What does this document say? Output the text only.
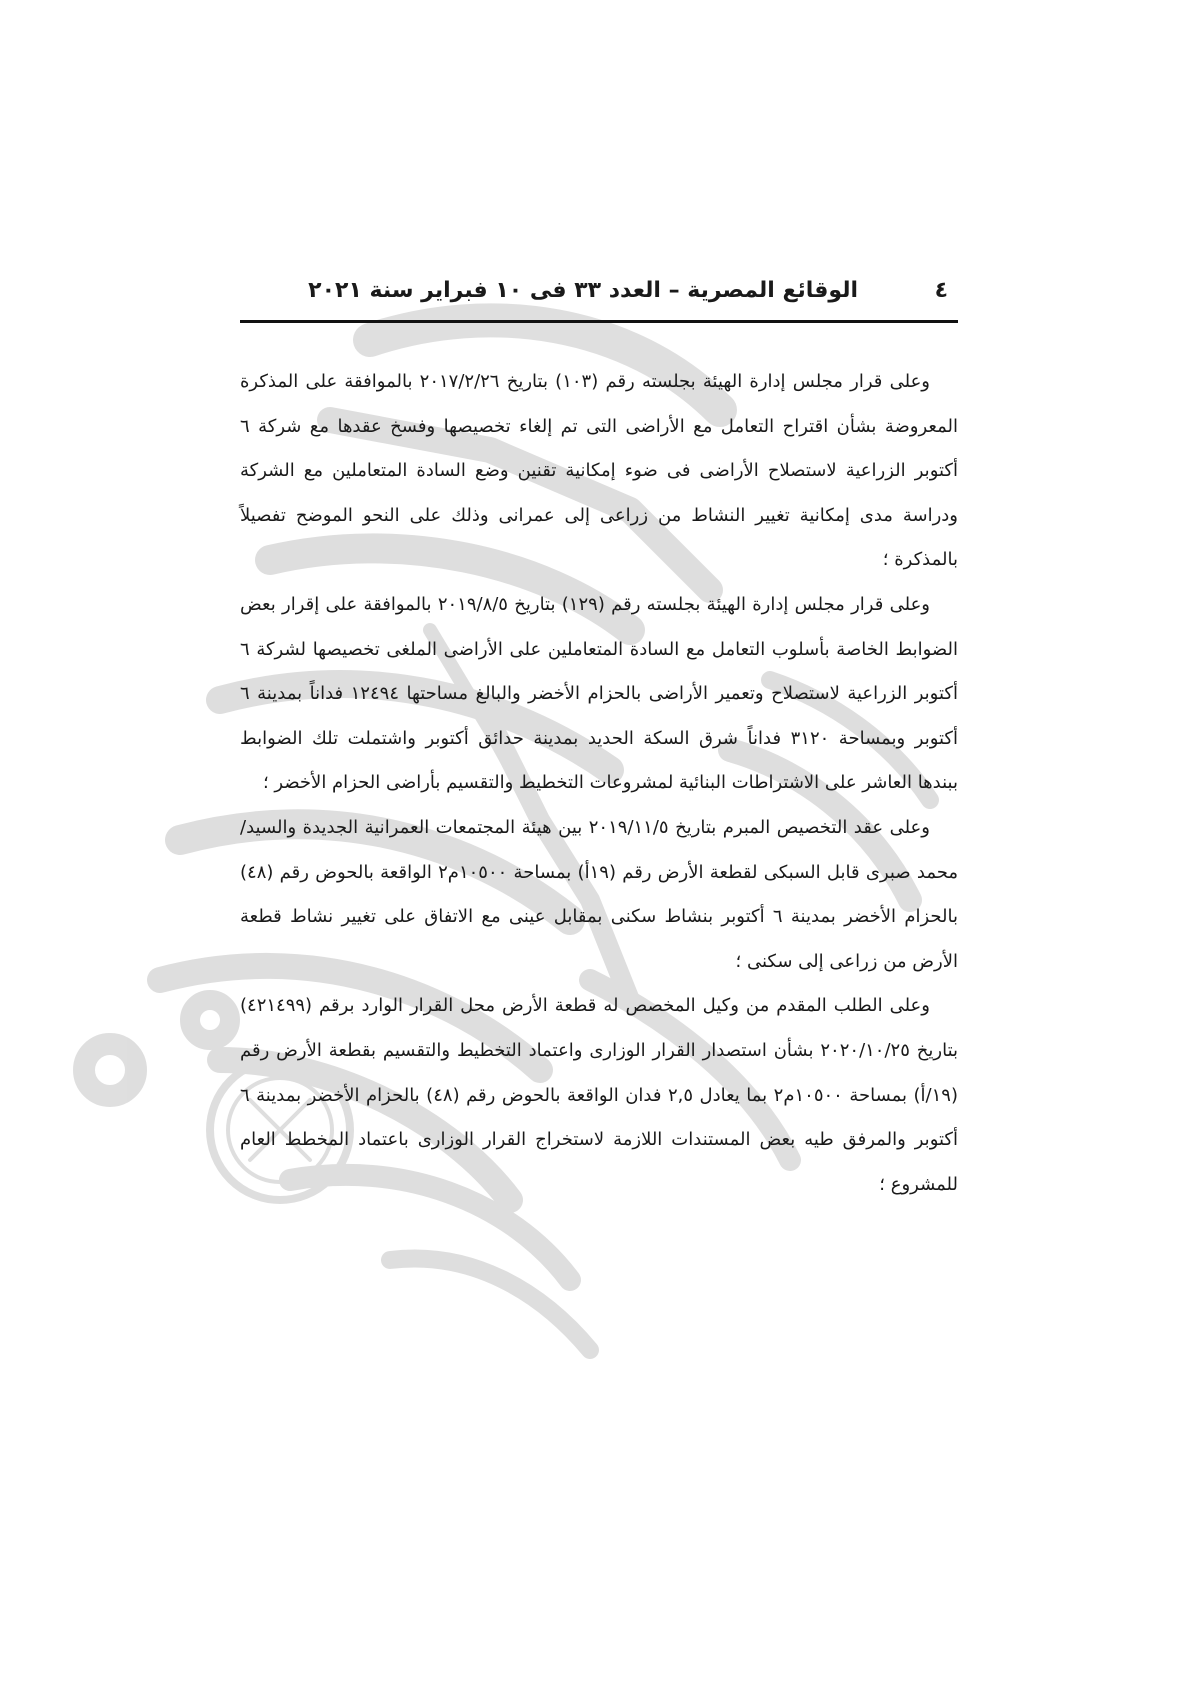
٤
الوقائع المصرية – العدد ٣٣ فى ١٠ فبراير سنة ٢٠٢١

وعلى قرار مجلس إدارة الهيئة بجلسته رقم (١٠٣) بتاريخ ٢٠١٧/٢/٢٦ بالموافقة على المذكرة المعروضة بشأن اقتراح التعامل مع الأراضى التى تم إلغاء تخصيصها وفسخ عقدها مع شركة ٦ أكتوبر الزراعية لاستصلاح الأراضى فى ضوء إمكانية تقنين وضع السادة المتعاملين مع الشركة ودراسة مدى إمكانية تغيير النشاط من زراعى إلى عمرانى وذلك على النحو الموضح تفصيلاً بالمذكرة ؛

وعلى قرار مجلس إدارة الهيئة بجلسته رقم (١٢٩) بتاريخ ٢٠١٩/٨/٥ بالموافقة على إقرار بعض الضوابط الخاصة بأسلوب التعامل مع السادة المتعاملين على الأراضى الملغى تخصيصها لشركة ٦ أكتوبر الزراعية لاستصلاح وتعمير الأراضى بالحزام الأخضر والبالغ مساحتها ١٢٤٩٤ فداناً بمدينة ٦ أكتوبر وبمساحة ٣١٢٠ فداناً شرق السكة الحديد بمدينة حدائق أكتوبر واشتملت تلك الضوابط ببندها العاشر على الاشتراطات البنائية لمشروعات التخطيط والتقسيم بأراضى الحزام الأخضر ؛

وعلى عقد التخصيص المبرم بتاريخ ٢٠١٩/١١/٥ بين هيئة المجتمعات العمرانية الجديدة والسيد/ محمد صبرى قابل السبكى لقطعة الأرض رقم (١٩أ) بمساحة ١٠٥٠٠م٢ الواقعة بالحوض رقم (٤٨) بالحزام الأخضر بمدينة ٦ أكتوبر بنشاط سكنى بمقابل عينى مع الاتفاق على تغيير نشاط قطعة الأرض من زراعى إلى سكنى ؛

وعلى الطلب المقدم من وكيل المخصص له قطعة الأرض محل القرار الوارد برقم (٤٢١٤٩٩) بتاريخ ٢٠٢٠/١٠/٢٥ بشأن استصدار القرار الوزارى واعتماد التخطيط والتقسيم بقطعة الأرض رقم (١٩/أ) بمساحة ١٠٥٠٠م٢ بما يعادل ٢,٥ فدان الواقعة بالحوض رقم (٤٨) بالحزام الأخضر بمدينة ٦ أكتوبر والمرفق طيه بعض المستندات اللازمة لاستخراج القرار الوزارى باعتماد المخطط العام للمشروع ؛
